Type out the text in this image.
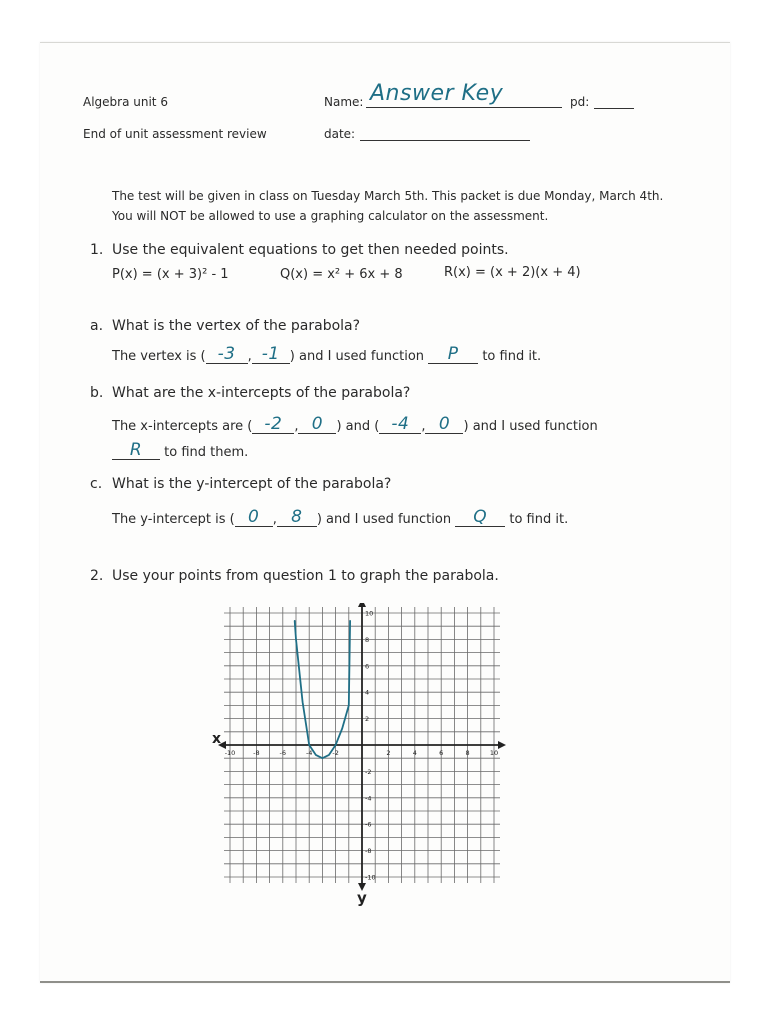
Algebra unit 6
End of unit assessment review
Name: Answer Key	pd:
date:
The test will be given in class on Tuesday March 5th. This packet is due Monday, March 4th.
You will NOT be allowed to use a graphing calculator on the assessment.
1. Use the equivalent equations to get then needed points.
P(x) = (x + 3)² - 1	Q(x) = x² + 6x + 8	R(x) = (x + 2)(x + 4)
a. What is the vertex of the parabola?
The vertex is ( -3 , -1 ) and I used function	P	to find it.
b. What are the x-intercepts of the parabola?
The x-intercepts are ( -2 , 0	) and ( -4 , 0	) and I used function
R	to find them.
c. What is the y-intercept of the parabola?
The y-intercept is ( 0	, 8	) and I used function	Q	to find it.
2. Use your points from question 1 to graph the parabola.
-10	-8	-6	-4	-2	2	4	6	8	10
10
8
6
4
2
-2
-4
-6
-8
-10
x
y
